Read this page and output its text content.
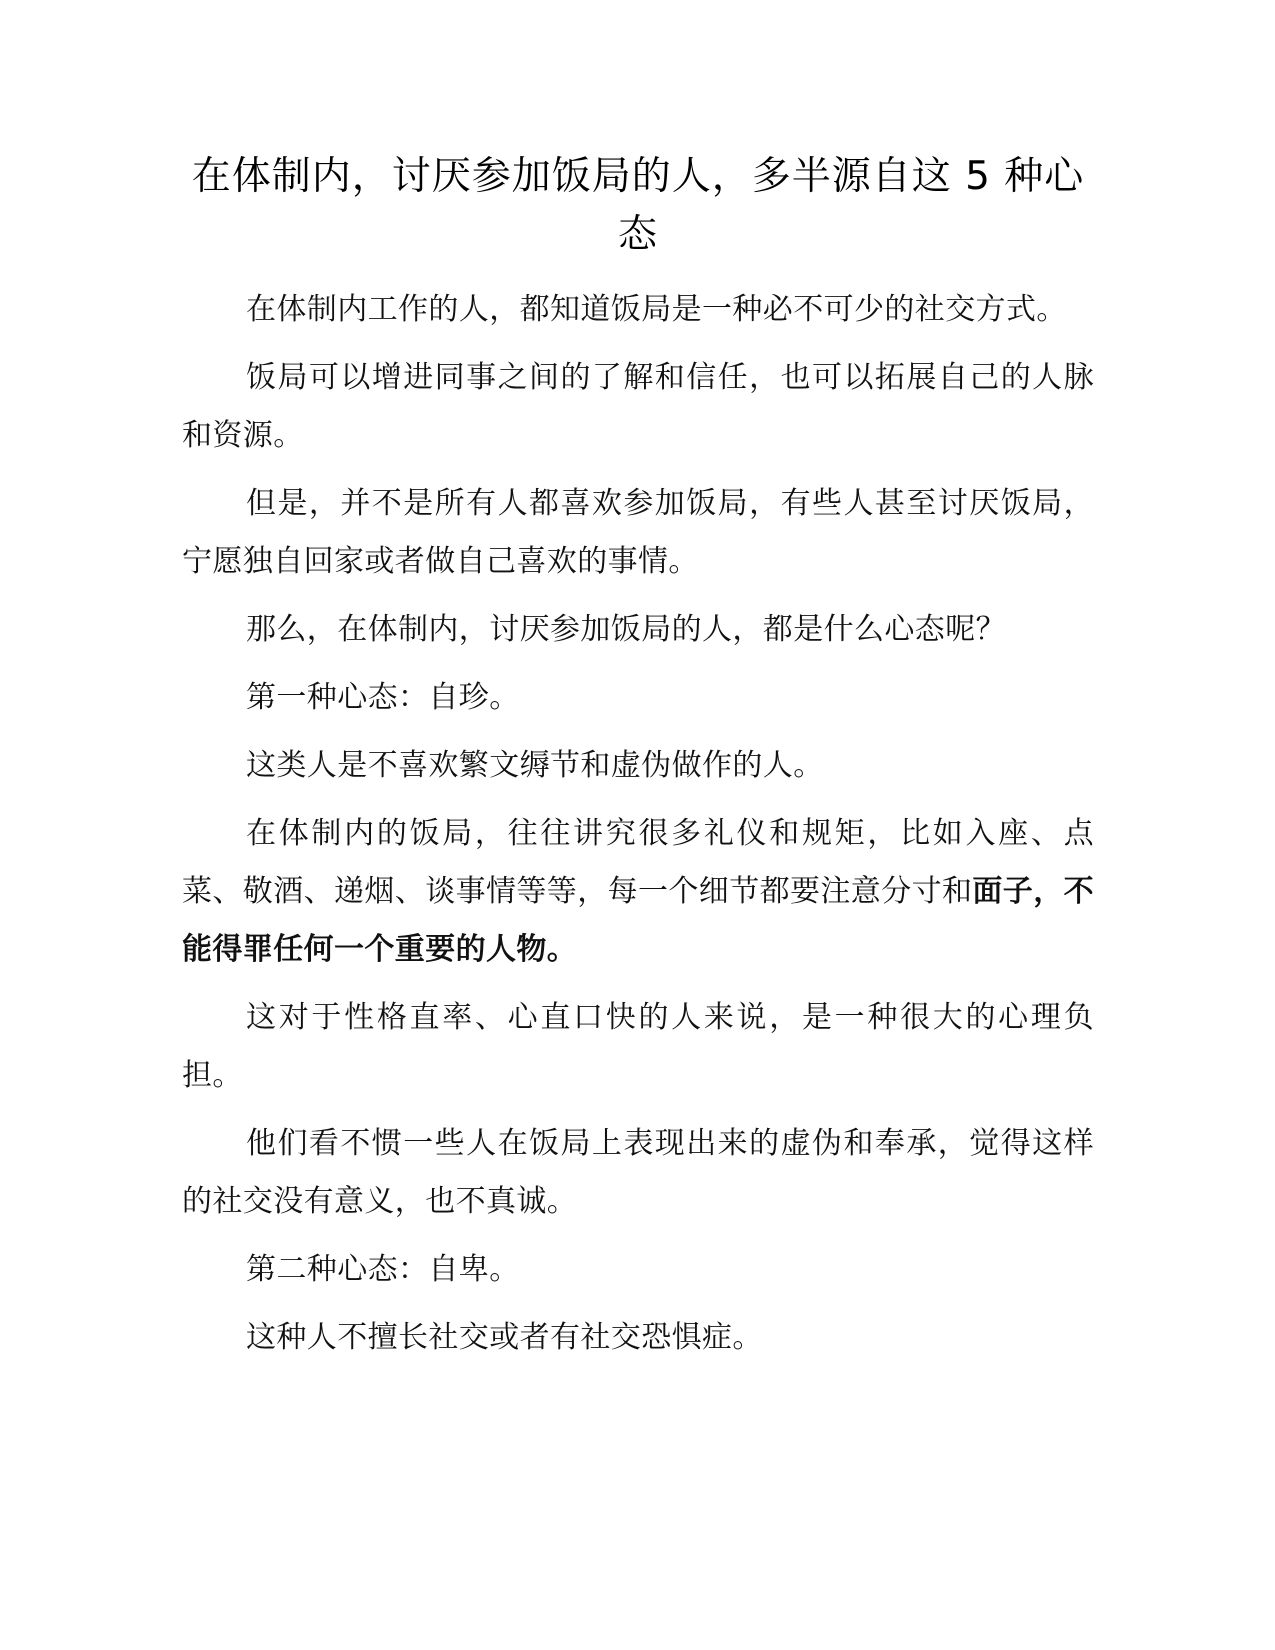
在体制内，讨厌参加饭局的人，多半源自这 5 种心态

在体制内工作的人，都知道饭局是一种必不可少的社交方式。

饭局可以增进同事之间的了解和信任，也可以拓展自己的人脉和资源。

但是，并不是所有人都喜欢参加饭局，有些人甚至讨厌饭局，宁愿独自回家或者做自己喜欢的事情。

那么，在体制内，讨厌参加饭局的人，都是什么心态呢？

第一种心态：自珍。

这类人是不喜欢繁文缛节和虚伪做作的人。

在体制内的饭局，往往讲究很多礼仪和规矩，比如入座、点菜、敬酒、递烟、谈事情等等，每一个细节都要注意分寸和面子，不能得罪任何一个重要的人物。

这对于性格直率、心直口快的人来说，是一种很大的心理负担。

他们看不惯一些人在饭局上表现出来的虚伪和奉承，觉得这样的社交没有意义，也不真诚。

第二种心态：自卑。

这种人不擅长社交或者有社交恐惧症。
